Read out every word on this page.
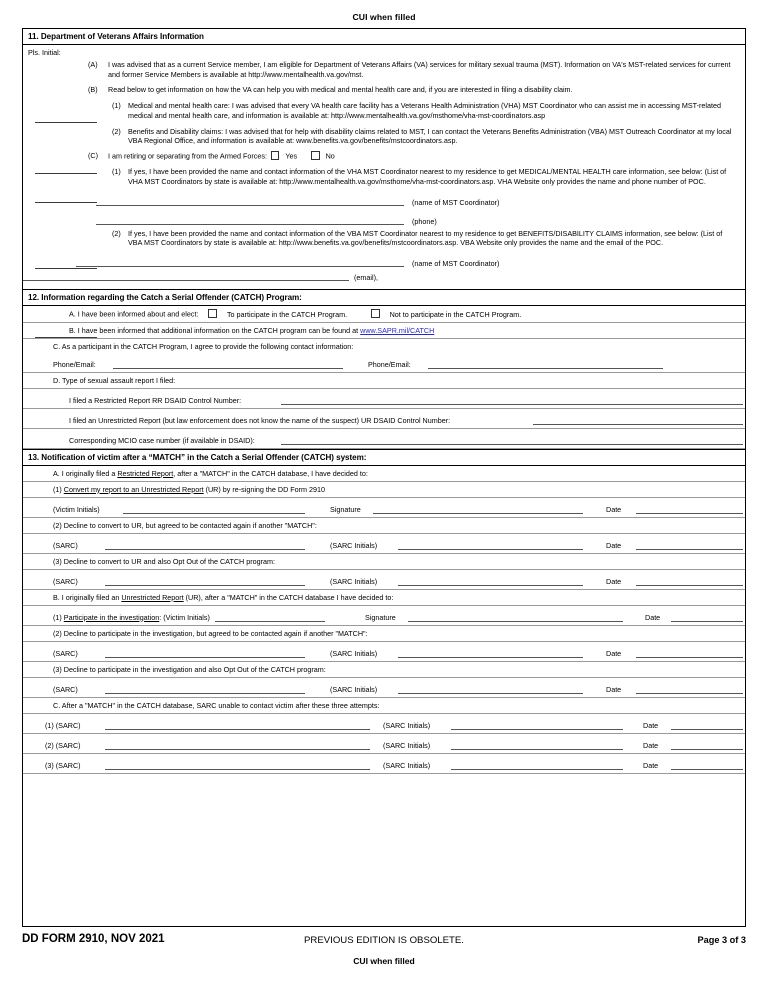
CUI when filled
11. Department of Veterans Affairs Information
Pls. Initial:
(A)	I was advised that as a current Service member, I am eligible for Department of Veterans Affairs (VA) services for military sexual trauma (MST). Information on VA's MST-related services for current and former Service Members is available at http://www.mentalhealth.va.gov/mst.
(B)	Read below to get information on how the VA can help you with medical and mental health care and, if you are interested in filing a disability claim.
(1)	Medical and mental health care: I was advised that every VA health care facility has a Veterans Health Administration (VHA) MST Coordinator who can assist me in accessing MST-related medical and mental health care, and information is available at: http://www.mentalhealth.va.gov/msthome/vha-mst-coordinators.asp
(2)	Benefits and Disability claims: I was advised that for help with disability claims related to MST, I can contact the Veterans Benefits Administration (VBA) MST Outreach Coordinator at my local VBA Regional Office, and information is available at: www.benefits.va.gov/benefits/mstcoordinators.asp.
(C)	I am retiring or separating from the Armed Forces:	Yes	No
(1)	If yes, I have been provided the name and contact information of the VHA MST Coordinator nearest to my residence to get MEDICAL/MENTAL HEALTH care information, see below: (List of VHA MST Coordinators by state is available at: http://www.mentalhealth.va.gov/msthome/vha-mst-coordinators.asp. VHA Website only provides the name and phone number of POC.
(name of MST Coordinator)
(phone)
(2)	If yes, I have been provided the name and contact information of the VBA MST Coordinator nearest to my residence to get BENEFITS/DISABILITY CLAIMS information, see below: (List of VBA MST Coordinators by state is available at: http://www.benefits.va.gov/benefits/mstcoordinators.asp. VBA Website only provides the name and the email of the POC.
(name of MST Coordinator)
(email),
12. Information regarding the Catch a Serial Offender (CATCH) Program:
A. I have been informed about and elect:	To participate in the CATCH Program.	Not to participate in the CATCH Program.
B. I have been informed that additional information on the CATCH program can be found at www.SAPR.mil/CATCH
C. As a participant in the CATCH Program, I agree to provide the following contact information:
Phone/Email:	Phone/Email:
D. Type of sexual assault report I filed:
I filed a Restricted Report RR DSAID Control Number:
I filed an Unrestricted Report (but law enforcement does not know the name of the suspect) UR DSAID Control Number:
Corresponding MCIO case number (if available in DSAID):
13. Notification of victim after a “MATCH” in the Catch a Serial Offender (CATCH) system:
A. I originally filed a Restricted Report, after a "MATCH" in the CATCH database, I have decided to:
(1) Convert my report to an Unrestricted Report (UR) by re-signing the DD Form 2910
(Victim Initials)	Signature	Date
(2) Decline to convert to UR, but agreed to be contacted again if another "MATCH":
(SARC)	(SARC Initials)	Date
(3) Decline to convert to UR and also Opt Out of the CATCH program:
(SARC)	(SARC Initials)	Date
B. I originally filed an Unrestricted Report (UR), after a "MATCH" in the CATCH database I have decided to:
(1) Participate in the investigation: (Victim Initials)	Signature	Date
(2) Decline to participate in the investigation, but agreed to be contacted again if another "MATCH":
(SARC)	(SARC Initials)	Date
(3) Decline to participate in the investigation and also Opt Out of the CATCH program:
(SARC)	(SARC Initials)	Date
C. After a "MATCH" in the CATCH database, SARC unable to contact victim after these three attempts:
(1) (SARC)	(SARC Initials)	Date
(2) (SARC)	(SARC Initials)	Date
(3) (SARC)	(SARC Initials)	Date
DD FORM 2910, NOV 2021	PREVIOUS EDITION IS OBSOLETE.	Page 3 of 3
CUI when filled
